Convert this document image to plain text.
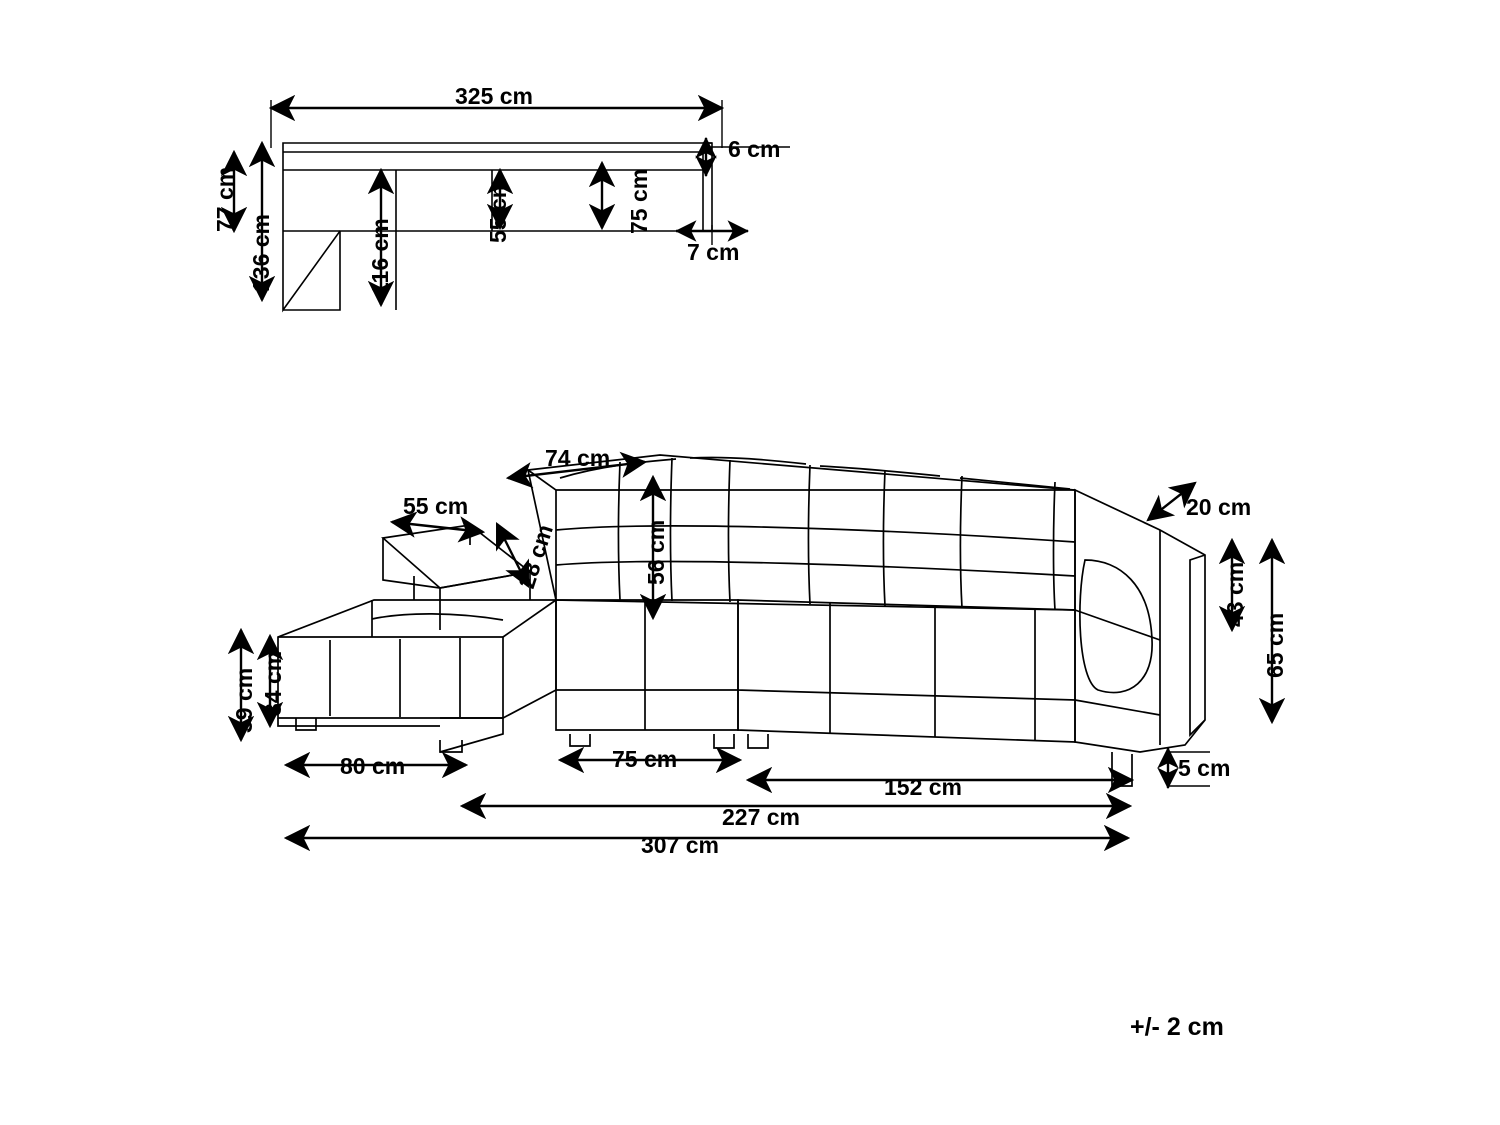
325 cm
77 cm
136 cm	116 cm
55 cm	75 cm
6 cm
7 cm
74 cm
55 cm
28 cm	56 cm
20 cm
43 cm
65 cm
39 cm 34 cm
80 cm	75 cm
152 cm
227 cm
307 cm
5 cm
+/- 2 cm
